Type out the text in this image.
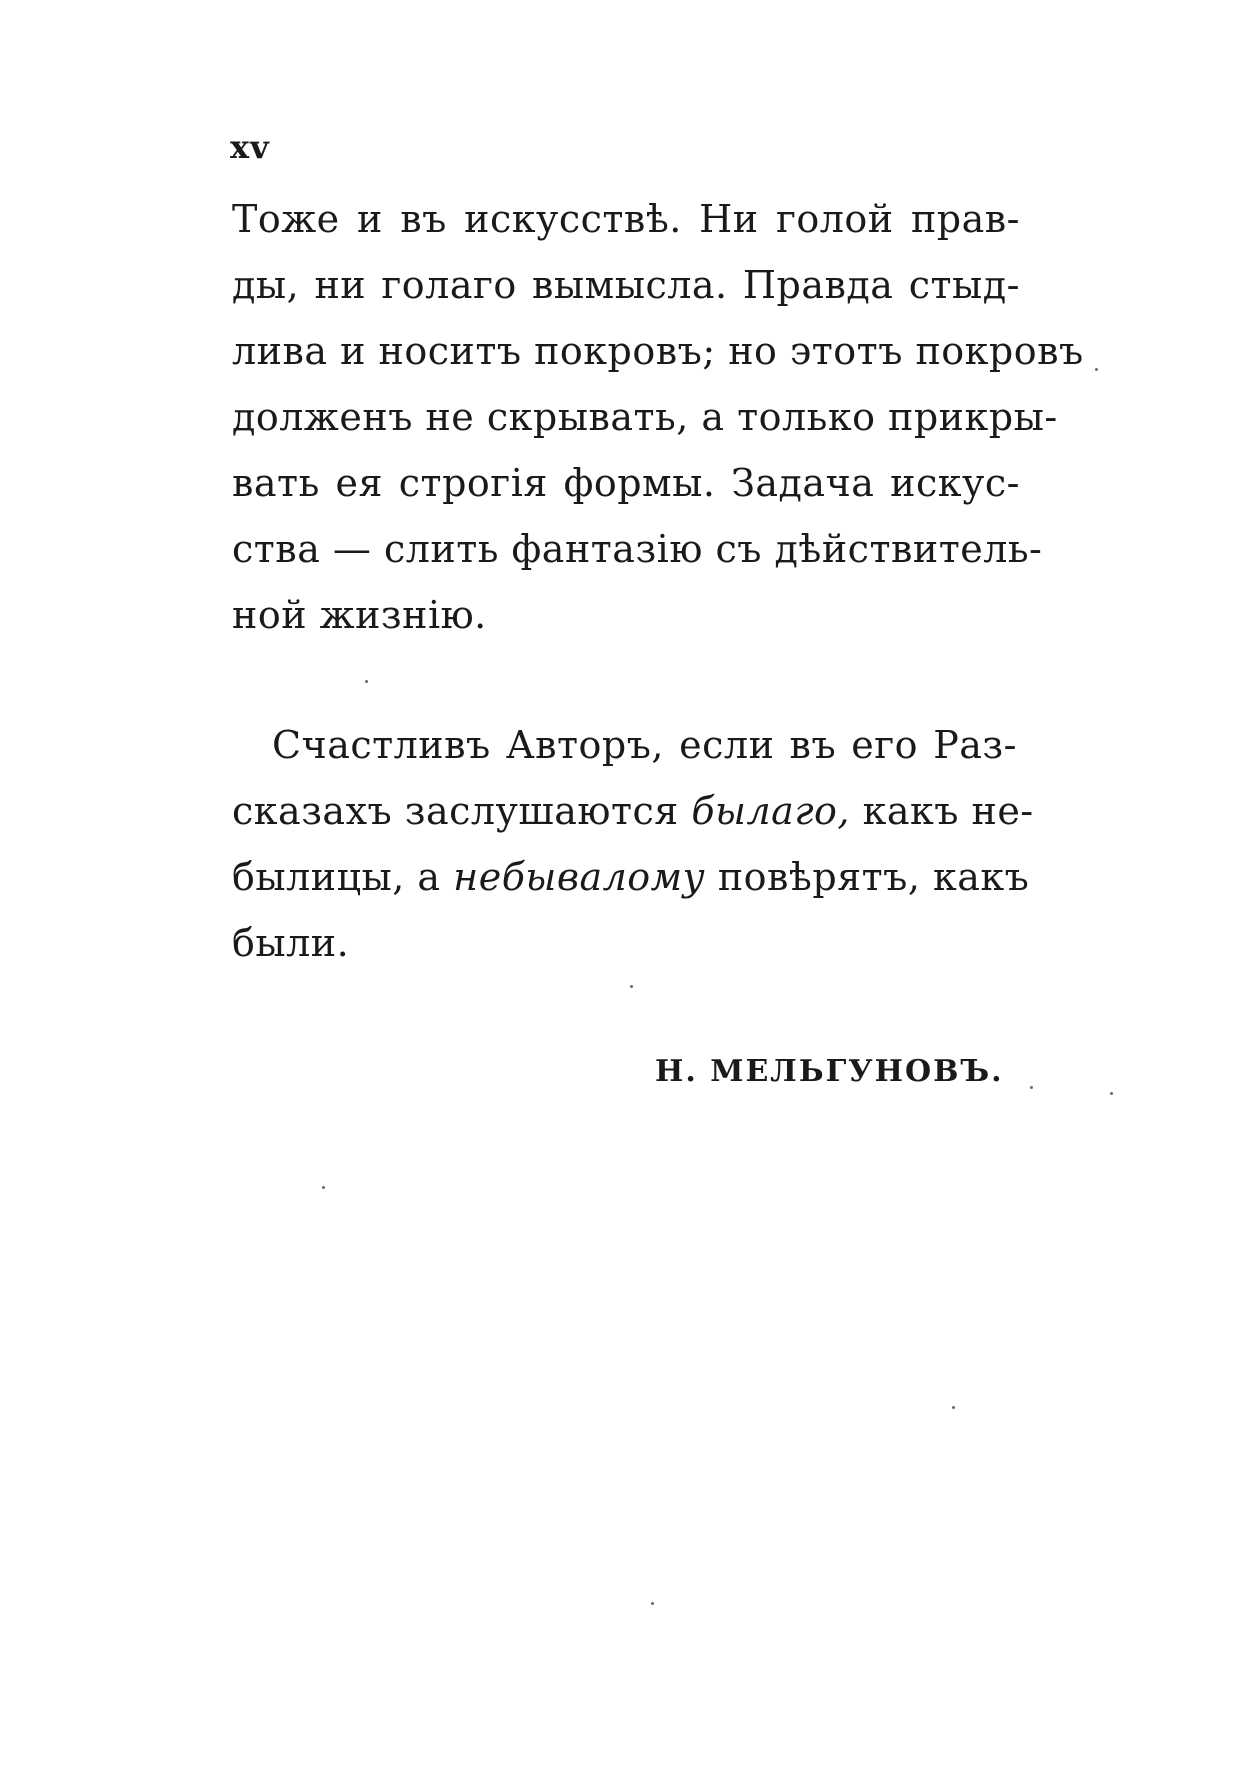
xv
Тоже и въ искусствѣ. Ни голой прав-
ды, ни голаго вымысла. Правда стыд-
лива и носитъ покровъ; но этотъ покровъ
долженъ не скрывать, а только прикры-
вать ея строгія формы. Задача искус-
ства — слить фантазію съ дѣйствитель-
ной жизнію.
Счастливъ Авторъ, если въ его Раз-
сказахъ заслушаются былаго, какъ не-
былицы, а небывалому повѣрятъ, какъ
были.
Н. МЕЛЬГУНОВЪ.
